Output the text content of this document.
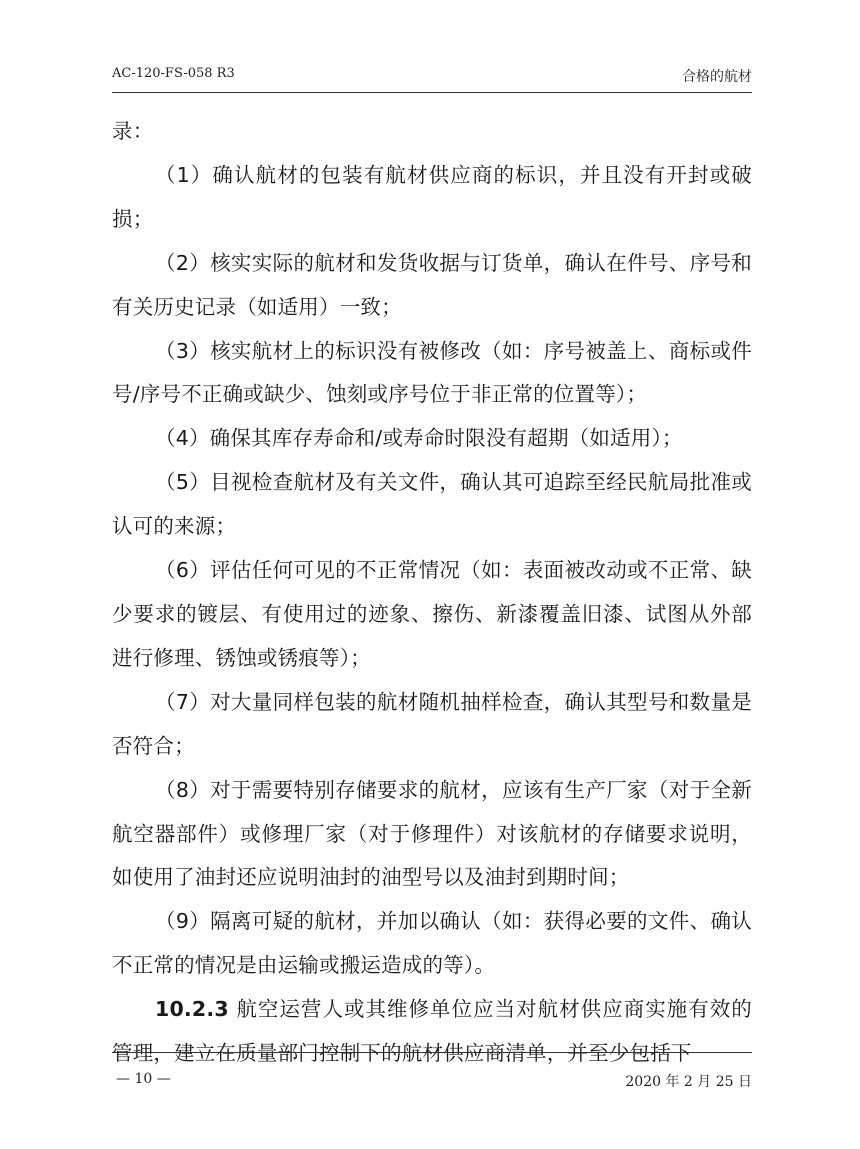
AC-120-FS-058 R3	合格的航材

录：

（1）确认航材的包装有航材供应商的标识，并且没有开封或破损；

（2）核实实际的航材和发货收据与订货单，确认在件号、序号和有关历史记录（如适用）一致；

（3）核实航材上的标识没有被修改（如：序号被盖上、商标或件号/序号不正确或缺少、蚀刻或序号位于非正常的位置等）；

（4）确保其库存寿命和/或寿命时限没有超期（如适用）；

（5）目视检查航材及有关文件，确认其可追踪至经民航局批准或认可的来源；

（6）评估任何可见的不正常情况（如：表面被改动或不正常、缺少要求的镀层、有使用过的迹象、擦伤、新漆覆盖旧漆、试图从外部进行修理、锈蚀或锈痕等）；

（7）对大量同样包装的航材随机抽样检查，确认其型号和数量是否符合；

（8）对于需要特别存储要求的航材，应该有生产厂家（对于全新航空器部件）或修理厂家（对于修理件）对该航材的存储要求说明，如使用了油封还应说明油封的油型号以及油封到期时间；

（9）隔离可疑的航材，并加以确认（如：获得必要的文件、确认不正常的情况是由运输或搬运造成的等）。

10.2.3 航空运营人或其维修单位应当对航材供应商实施有效的管理，建立在质量部门控制下的航材供应商清单，并至少包括下

— 10 —	2020 年 2 月 25 日
